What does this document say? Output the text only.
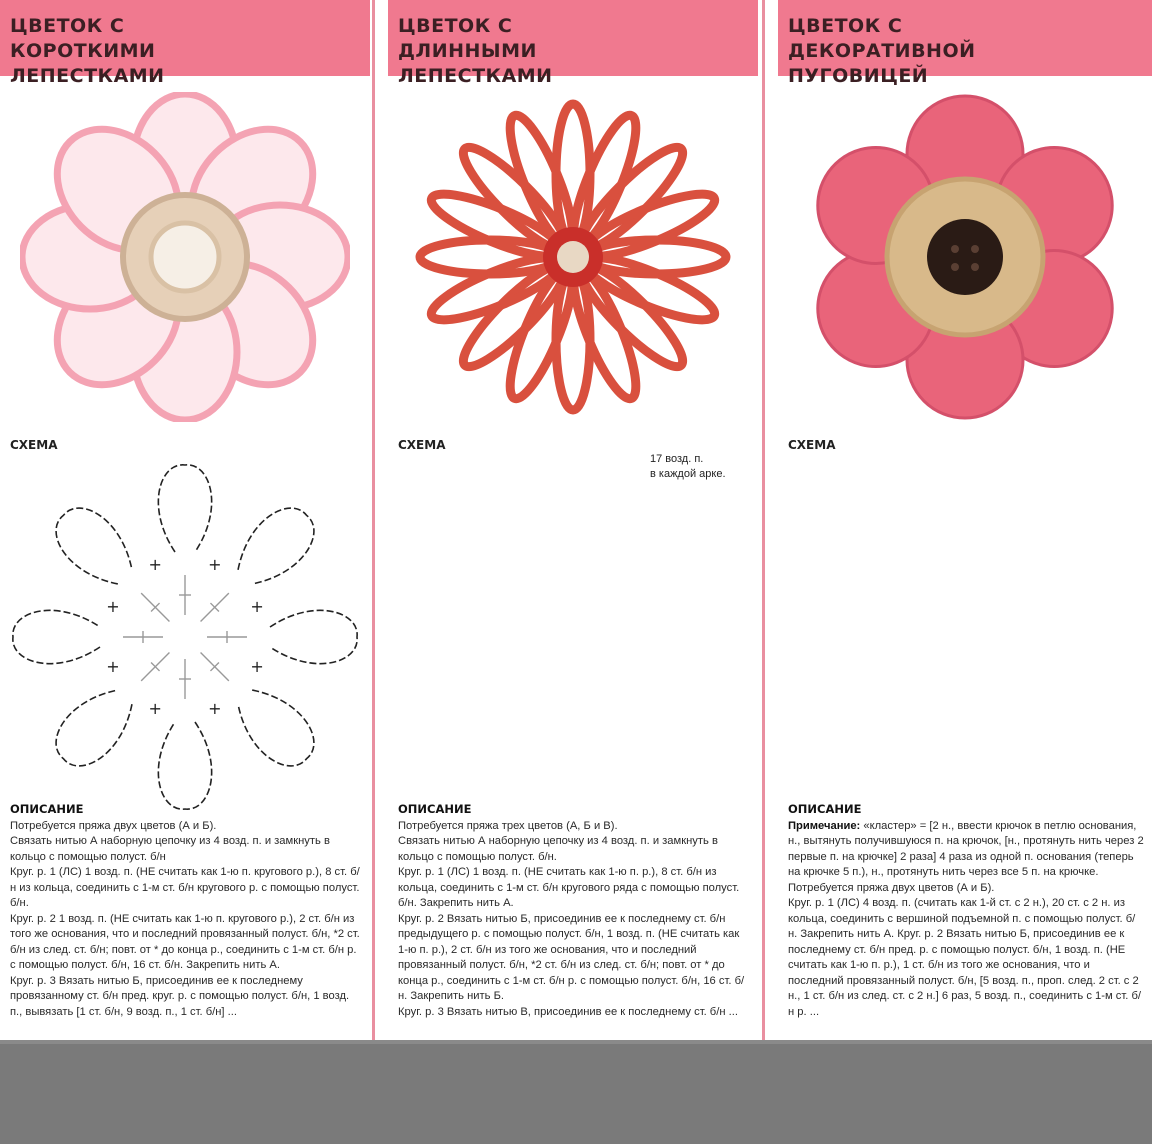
ЦВЕТОК С КОРОТКИМИ ЛЕПЕСТКАМИ
СХЕМА
+
+
+
+
+
+
+
+
ОПИСАНИЕ

Потребуется пряжа двух цветов (А и Б).

Связать нитью А наборную цепочку из 4 возд. п. и замкнуть в кольцо с помощью полуст. б/н

Круг. р. 1 (ЛС) 1 возд. п. (НЕ считать как 1-ю п. кругового р.), 8 ст. б/н из кольца, соединить с 1-м ст. б/н кругового р. с помощью полуст. б/н.

Круг. р. 2 1 возд. п. (НЕ считать как 1-ю п. кругового р.), 2 ст. б/н из того же основания, что и последний провязанный полуст. б/н, *2 ст. б/н из след. ст. б/н; повт. от * до конца р., соединить с 1-м ст. б/н р. с помощью полуст. б/н, 16 ст. б/н. Закрепить нить А.

Круг. р. 3 Вязать нитью Б, присоединив ее к последнему провязанному ст. б/н пред. круг. р. с помощью полуст. б/н, 1 возд. п., вывязать [1 ст. б/н, 9 возд. п., 1 ст. б/н] ...

ЦВЕТОК С ДЛИННЫМИ ЛЕПЕСТКАМИ
СХЕМА
ОПИСАНИЕ

Потребуется пряжа трех цветов (А, Б и В).

Связать нитью А наборную цепочку из 4 возд. п. и замкнуть в кольцо с помощью полуст. б/н.

Круг. р. 1 (ЛС) 1 возд. п. (НЕ считать как 1-ю п. р.), 8 ст. б/н из кольца, соединить с 1-м ст. б/н кругового ряда с помощью полуст. б/н. Закрепить нить А.

Круг. р. 2 Вязать нитью Б, присоединив ее к последнему ст. б/н предыдущего р. с помощью полуст. б/н, 1 возд. п. (НЕ считать как 1-ю п. р.), 2 ст. б/н из того же основания, что и последний провязанный полуст. б/н, *2 ст. б/н из след. ст. б/н; повт. от * до конца р., соединить с 1-м ст. б/н р. с помощью полуст. б/н, 16 ст. б/н. Закрепить нить Б.

Круг. р. 3 Вязать нитью В, присоединив ее к последнему ст. б/н ...

17 возд. п.
в каждой арке.
ЦВЕТОК С ДЕКОРАТИВНОЙ ПУГОВИЦЕЙ
СХЕМА
ОПИСАНИЕ

Примечание: «кластер» = [2 н., ввести крючок в петлю основания, н., вытянуть получившуюся п. на крючок, [н., протянуть нить через 2 первые п. на крючке] 2 раза] 4 раза из одной п. основания (теперь на крючке 5 п.), н., протянуть нить через все 5 п. на крючке. Потребуется пряжа двух цветов (А и Б).

Круг. р. 1 (ЛС) 4 возд. п. (считать как 1-й ст. с 2 н.), 20 ст. с 2 н. из кольца, соединить с вершиной подъемной п. с помощью полуст. б/н. Закрепить нить А. Круг. р. 2 Вязать нитью Б, присоединив ее к последнему ст. б/н пред. р. с помощью полуст. б/н, 1 возд. п. (НЕ считать как 1-ю п. р.), 1 ст. б/н из того же основания, что и последний провязанный полуст. б/н, [5 возд. п., проп. след. 2 ст. с 2 н., 1 ст. б/н из след. ст. с 2 н.] 6 раз, 5 возд. п., соединить с 1-м ст. б/н р. ...
